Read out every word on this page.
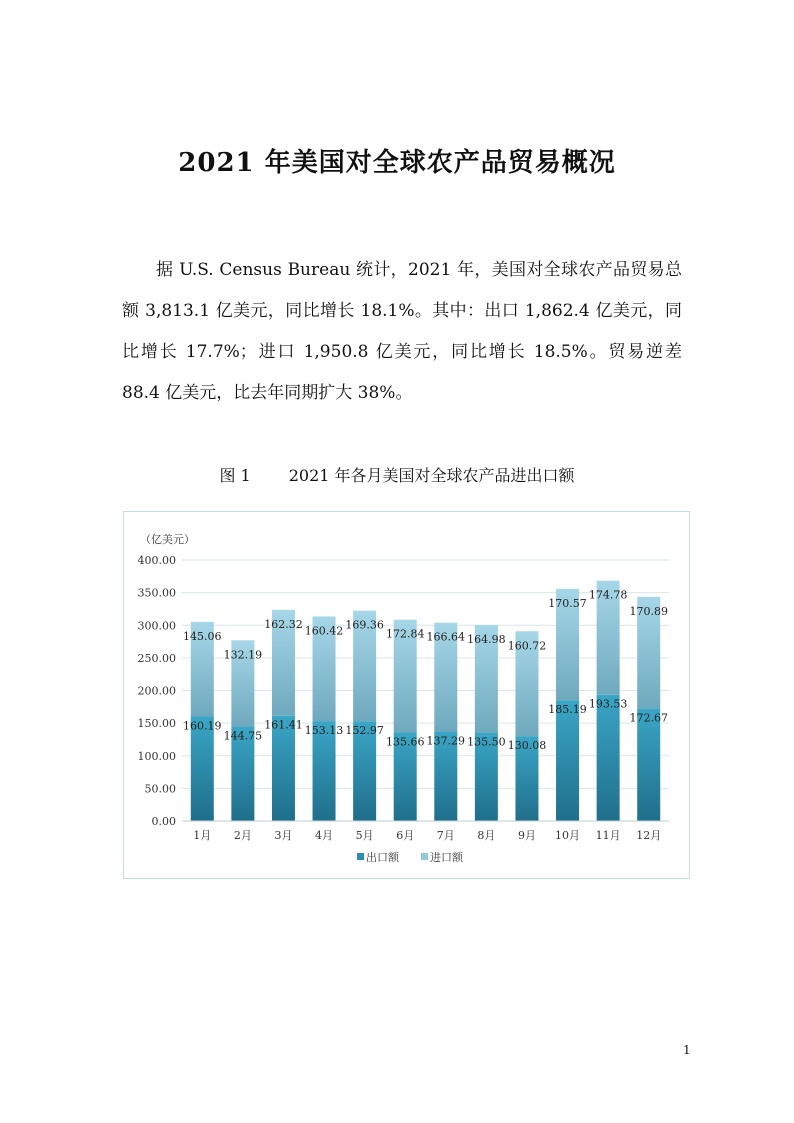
2021 年美国对全球农产品贸易概况

据 U.S. Census Bureau 统计，2021 年，美国对全球农产品贸易总额 3,813.1 亿美元，同比增长 18.1%。其中：出口 1,862.4 亿美元，同比增长 17.7%；进口 1,950.8 亿美元，同比增长 18.5%。贸易逆差 88.4 亿美元，比去年同期扩大 38%。

图 1 2021 年各月美国对全球农产品进出口额
（亿美元）
160.19
145.06
144.75
132.19
161.41
162.32
153.13
160.42
152.97
169.36
135.66
172.84
137.29
166.64
135.50
164.98
130.08
160.72
185.19
170.57
193.53
174.78
172.67
170.89
0.00
50.00
100.00
150.00
200.00
250.00
300.00
350.00
400.00
1月 2月 3月 4月 5月 6月 7月 8月 9月 10月 11月 12月
出口额	进口额
1
